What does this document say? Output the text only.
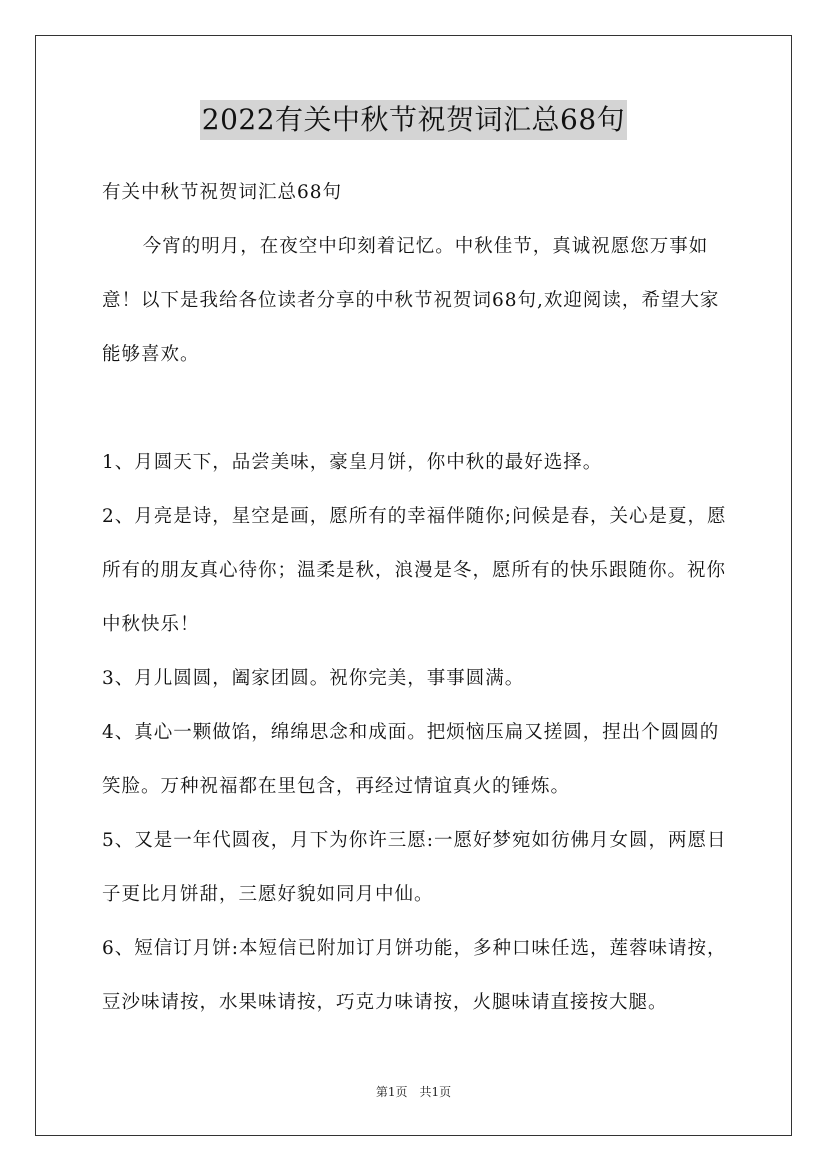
2022有关中秋节祝贺词汇总68句

有关中秋节祝贺词汇总68句

今宵的明月，在夜空中印刻着记忆。中秋佳节，真诚祝愿您万事如意！以下是我给各位读者分享的中秋节祝贺词68句,欢迎阅读，希望大家能够喜欢。

1、月圆天下，品尝美味，豪皇月饼，你中秋的最好选择。

2、月亮是诗，星空是画，愿所有的幸福伴随你;问候是春，关心是夏，愿所有的朋友真心待你；温柔是秋，浪漫是冬，愿所有的快乐跟随你。祝你中秋快乐！

3、月儿圆圆，阖家团圆。祝你完美，事事圆满。

4、真心一颗做馅，绵绵思念和成面。把烦恼压扁又搓圆，捏出个圆圆的笑脸。万种祝福都在里包含，再经过情谊真火的锤炼。

5、又是一年代圆夜，月下为你许三愿:一愿好梦宛如彷佛月女圆，两愿日子更比月饼甜，三愿好貌如同月中仙。

6、短信订月饼:本短信已附加订月饼功能，多种口味任选，莲蓉味请按，豆沙味请按，水果味请按，巧克力味请按，火腿味请直接按大腿。

第1页　共1页
